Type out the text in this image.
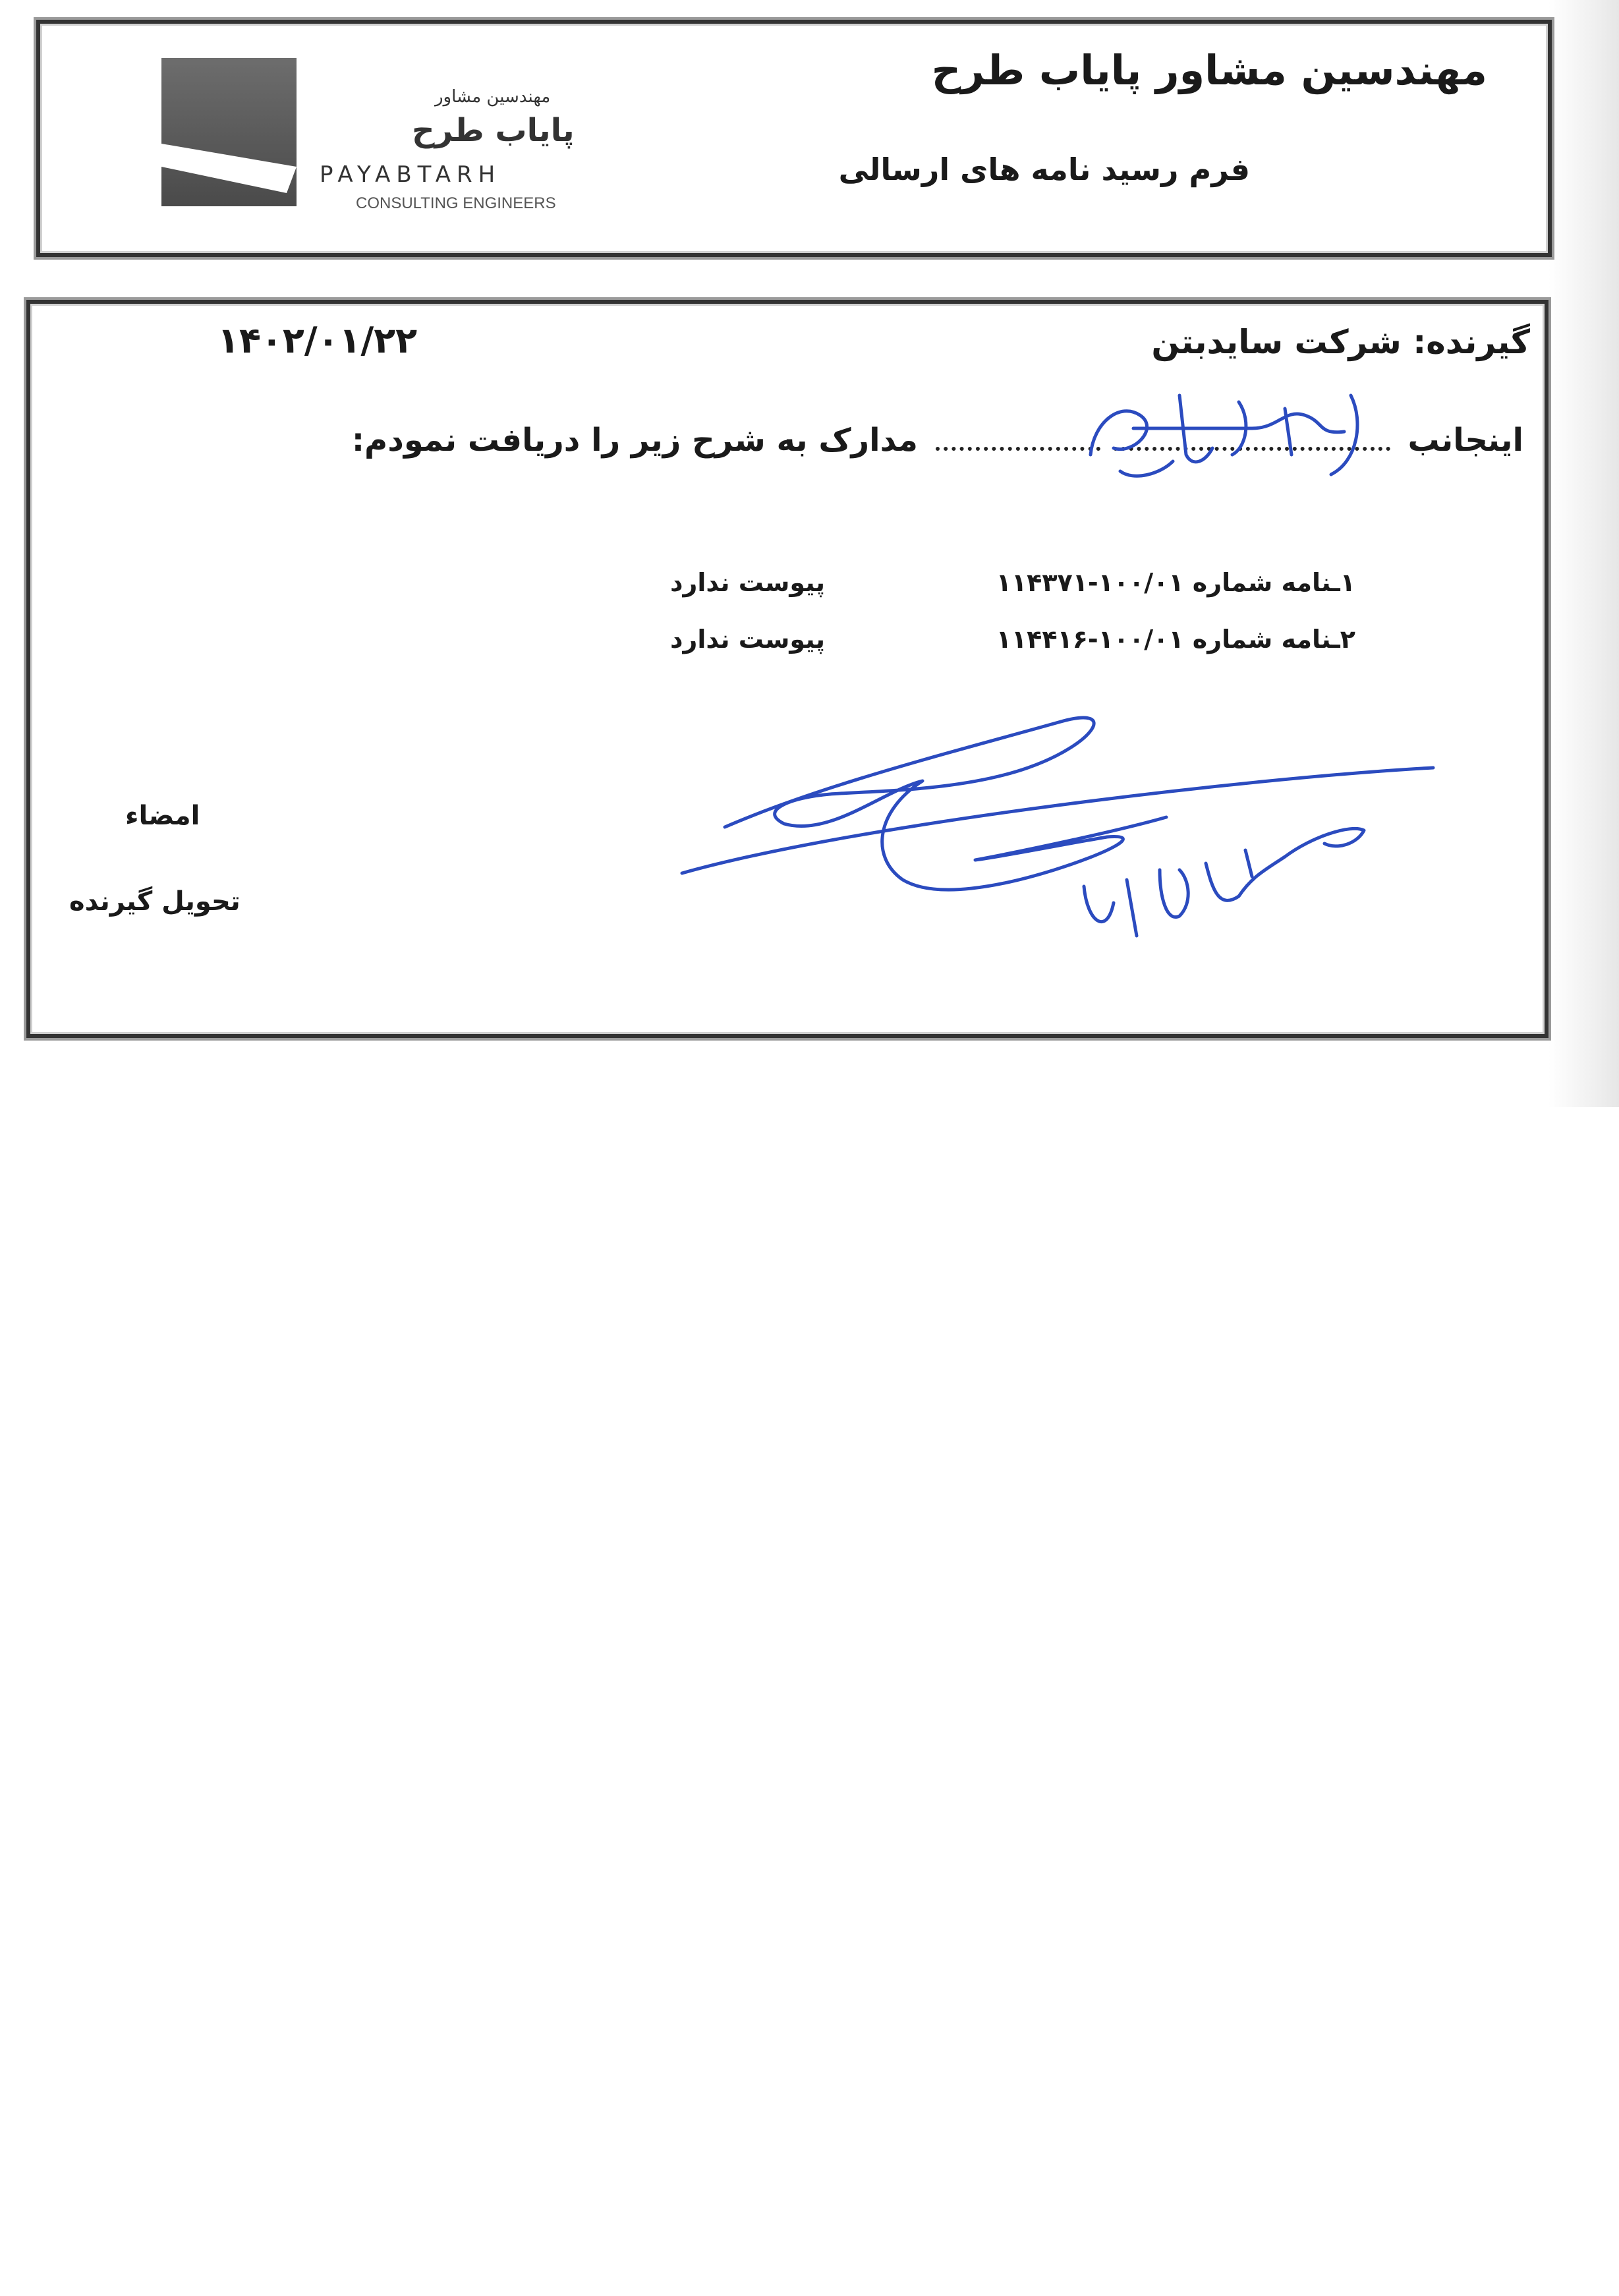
مهندسین مشاور
پایاب طرح
PAYABTARH
CONSULTING ENGINEERS
مهندسین مشاور پایاب طرح
فرم رسید نامه های ارسالی
گیرنده: شرکت سایدبتن
۱۴۰۲/۰۱/۲۲
اینجانب  مدارک به شرح زیر را دریافت نمودم:
۱ـنامه شماره ۱۰۰/۰۱-۱۱۴۳۷۱
پیوست ندارد
۲ـنامه شماره ۱۰۰/۰۱-۱۱۴۴۱۶
پیوست ندارد
امضاء
تحویل گیرنده
